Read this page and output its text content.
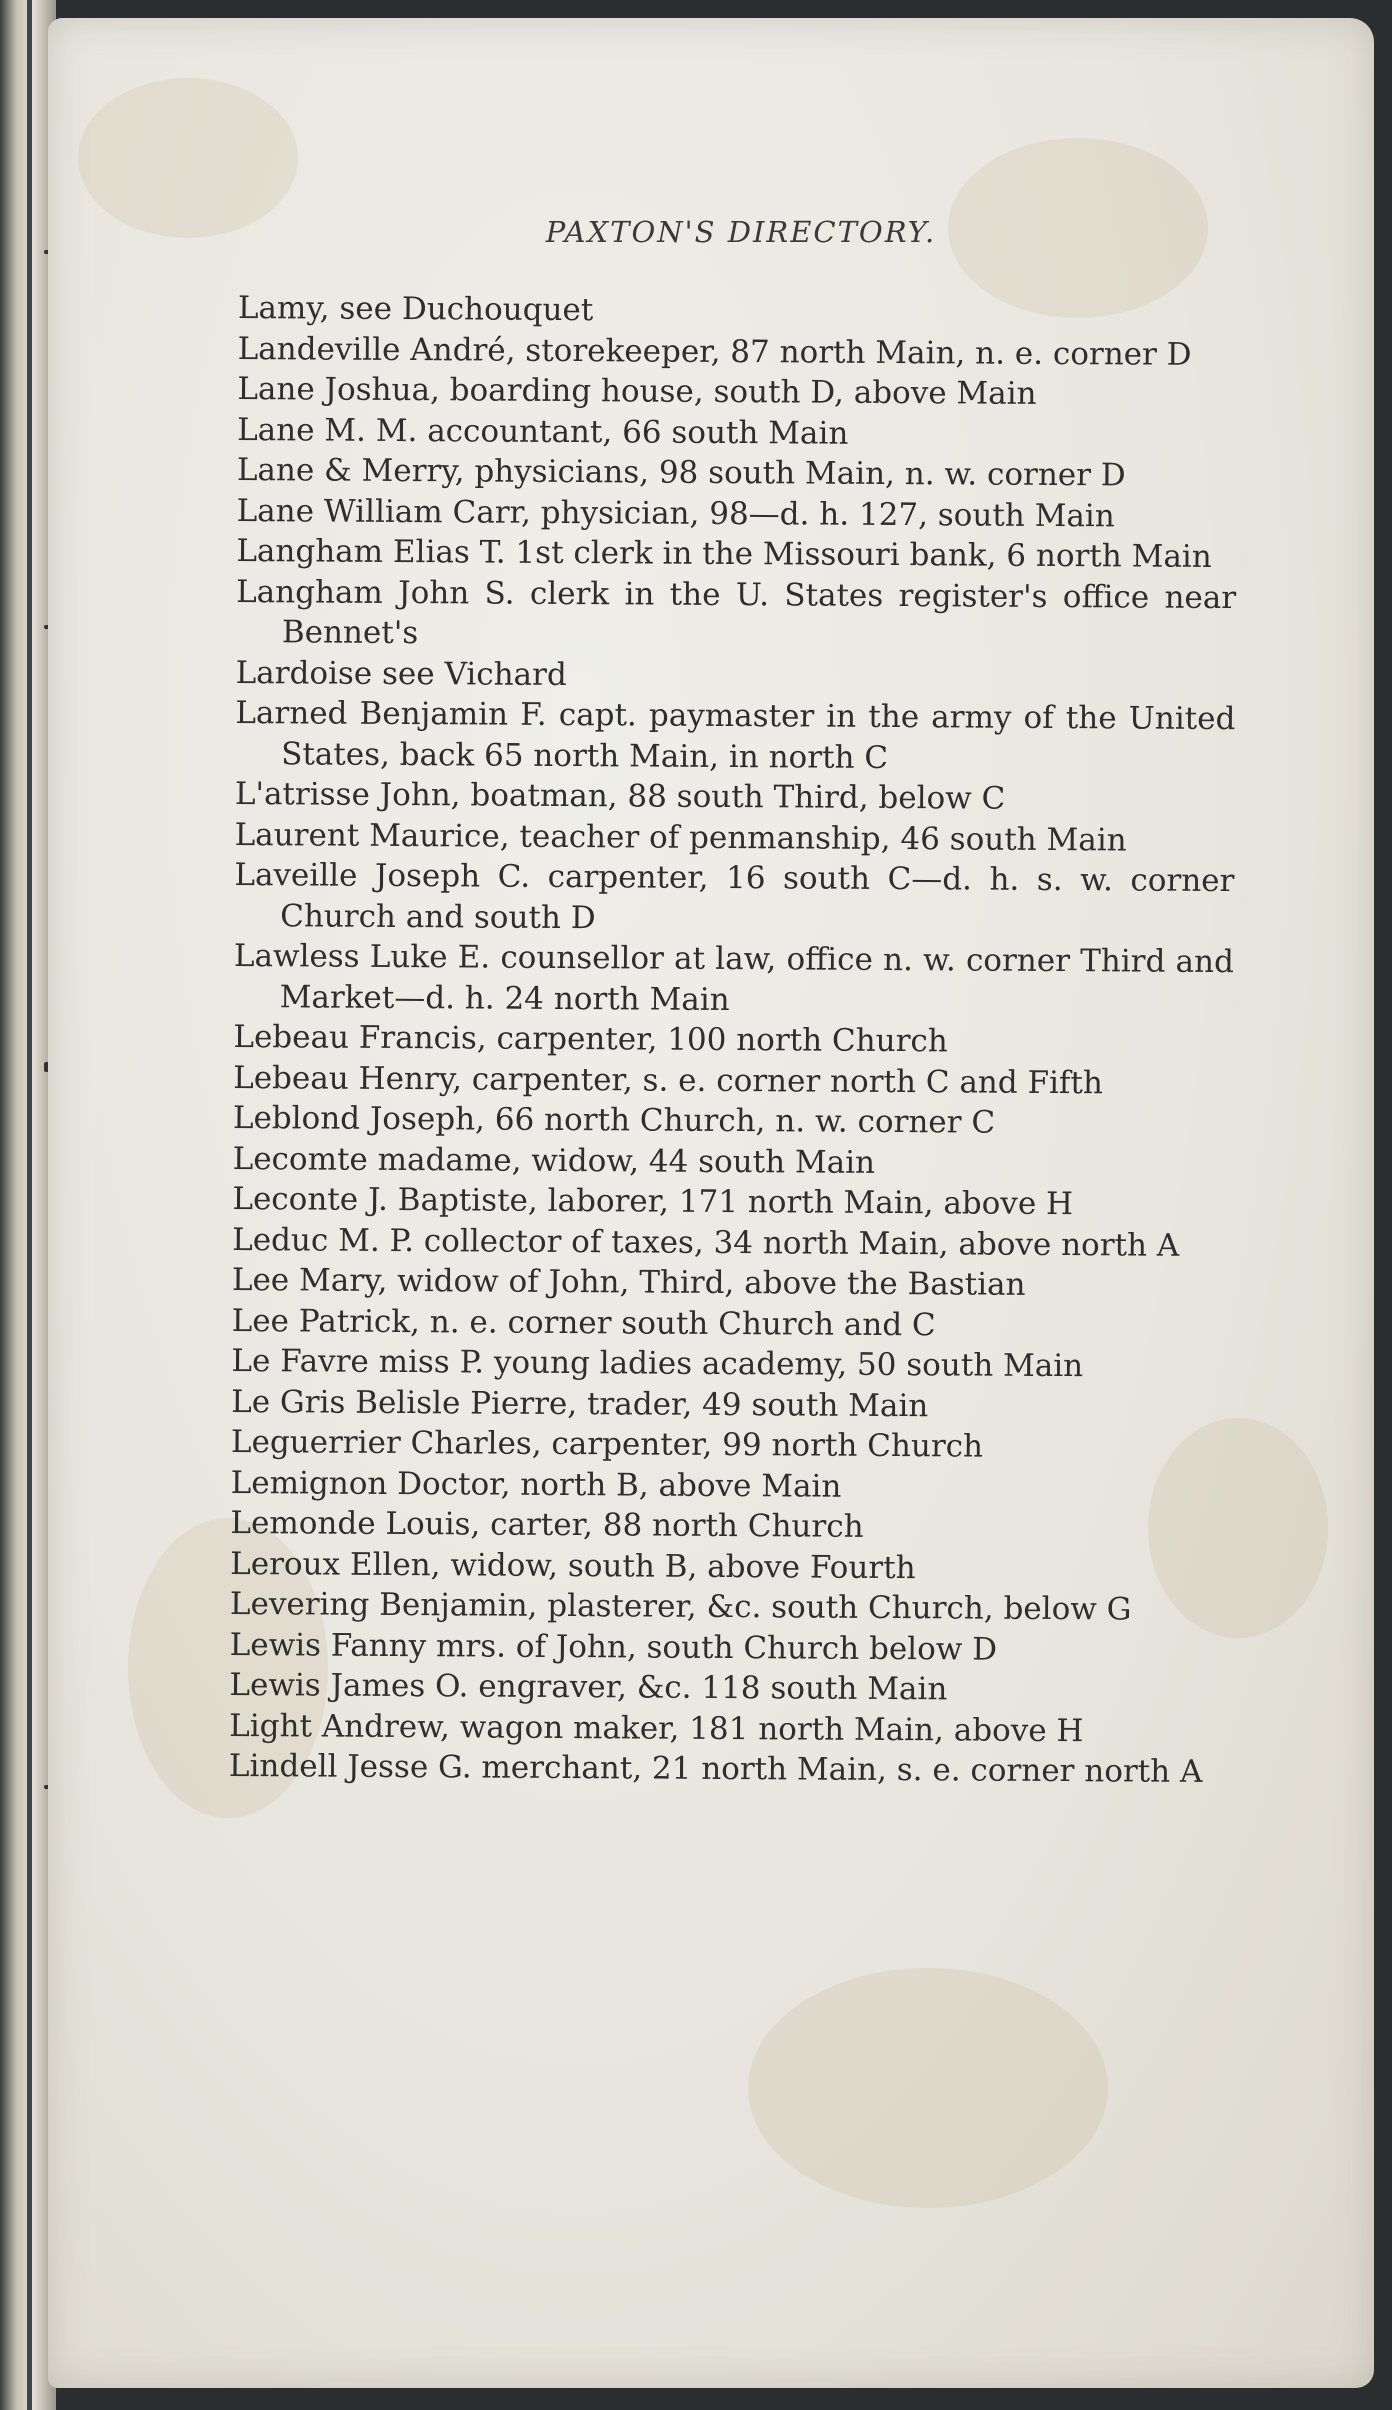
PAXTON'S DIRECTORY.
Lamy, see Duchouquet
Landeville André, storekeeper, 87 north Main, n. e. corner D
Lane Joshua, boarding house, south D, above Main
Lane M. M. accountant, 66 south Main
Lane & Merry, physicians, 98 south Main, n. w. corner D
Lane William Carr, physician, 98—d. h. 127, south Main
Langham Elias T. 1st clerk in the Missouri bank, 6 north Main
Langham John S. clerk in the U. States register's office near Bennet's
Lardoise see Vichard
Larned Benjamin F. capt. paymaster in the army of the United States, back 65 north Main, in north C
L'atrisse John, boatman, 88 south Third, below C
Laurent Maurice, teacher of penmanship, 46 south Main
Laveille Joseph C. carpenter, 16 south C—d. h. s. w. corner Church and south D
Lawless Luke E. counsellor at law, office n. w. corner Third and Market—d. h. 24 north Main
Lebeau Francis, carpenter, 100 north Church
Lebeau Henry, carpenter, s. e. corner north C and Fifth
Leblond Joseph, 66 north Church, n. w. corner C
Lecomte madame, widow, 44 south Main
Leconte J. Baptiste, laborer, 171 north Main, above H
Leduc M. P. collector of taxes, 34 north Main, above north A
Lee Mary, widow of John, Third, above the Bastian
Lee Patrick, n. e. corner south Church and C
Le Favre miss P. young ladies academy, 50 south Main
Le Gris Belisle Pierre, trader, 49 south Main
Leguerrier Charles, carpenter, 99 north Church
Lemignon Doctor, north B, above Main
Lemonde Louis, carter, 88 north Church
Leroux Ellen, widow, south B, above Fourth
Levering Benjamin, plasterer, &c. south Church, below G
Lewis Fanny mrs. of John, south Church below D
Lewis James O. engraver, &c. 118 south Main
Light Andrew, wagon maker, 181 north Main, above H
Lindell Jesse G. merchant, 21 north Main, s. e. corner north A
